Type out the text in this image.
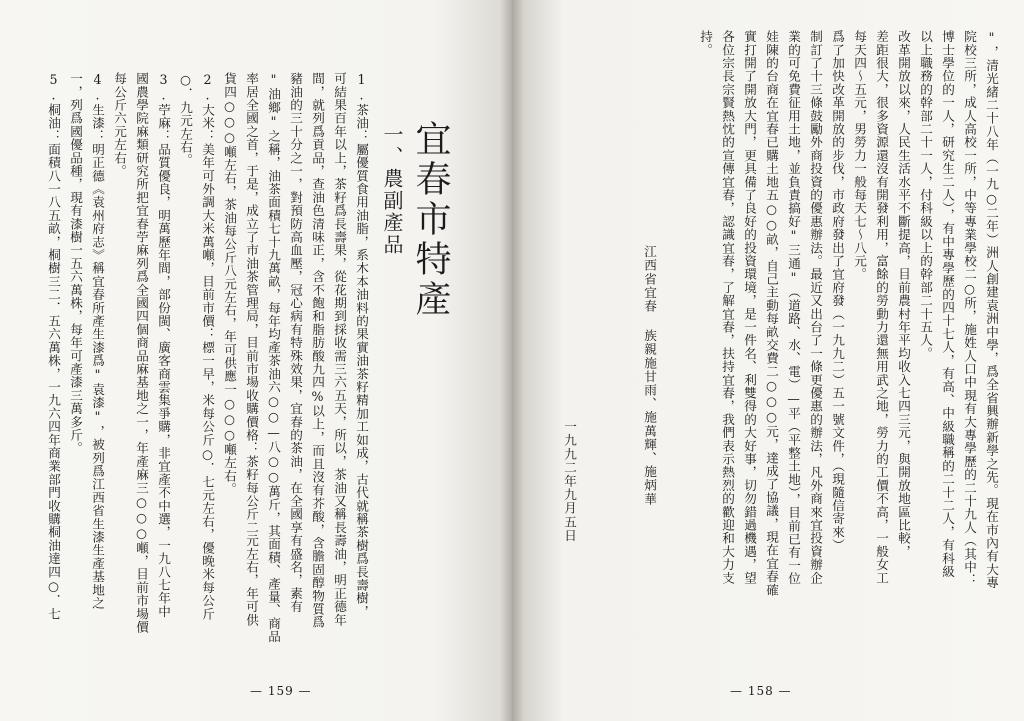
宜春市特產
一、農副產品
1.茶油：屬優質食用油脂，系木本油料的果實油茶籽精加工如成，古代就稱茶樹爲長壽樹，
可結果百年以上，茶籽爲長壽果，從花期到採收需三六五天，所以，茶油又稱長壽油，明正德年
間，就列爲貢品，查油色清味正，含不飽和脂肪酸九四%以上，而且沒有芥酸，含膽固醇物質爲
豬油的三十分之一，對預防高血壓，冠心病有特殊效果，宜春的茶油，在全國享有盛名，素有
"油鄉"之稱，油茶面積七十九萬畝，每年均產茶油六○○—八○○萬斤，其面積、產量、商品
率居全國之首，于是，成立了市油茶管理局，目前市場收購價格：茶籽每公斤二元左右，年可供
貨四○○○噸左右，茶油每公斤八元左右，年可供應一○○○噸左右。
2.大米：美年可外調大米萬噸，目前市價：標一早，米每公斤○．七元左右，優晚米每公斤
○．九元左右。
3.苧麻：品質優良，明萬歷年間，部份閩、廣客商雲集爭購，非宜產不中選，一九八七年中
國農學院麻類研究所把宜春苧麻列爲全國四個商品麻基地之一，年產麻三○○○噸，目前市場價
每公斤六元左右。
4.生漆：明正德《袁州府志》稱宜春所產生漆爲"袁漆"，被列爲江西省生漆生產基地之
一，列爲國優品種，現有漆樹一五六萬株，每年可產漆三萬多斤。
5.桐油：面積八一八五畝，桐樹三二．五六萬株，一九六四年商業部門收購桐油達四○．七
— 159 —
"，清光緒二十八年（一九○二年）洲人創建袁洲中學，爲全省興辦新學之先。現在市內有大專
院校三所，成人高校一所，中等專業學校二○所，施姓人口中現有大專學歷的二十九人（其中：
博士學位的一人，研究生二人），有中專學歷的四十七人，有高、中級職稱的二十二人，有科級
以上職務的幹部二十一人，付科級以上的幹部二十五人。
改革開放以來，人民生活水平不斷提高，目前農村年平均收入七四三元，與開放地區比較，
差距很大，很多資源還沒有開發利用，富餘的勞動力還無用武之地，勞力的工價不高，一般女工
每天四～五元，男勞力一般每天七～八元。
爲了加快改革開放的步伐，市政府發出了宜府發（一九九二）五一號文件，（現隨信寄來）
制訂了十三條鼓勵外商投資的優惠辦法。最近又出台了一條更優惠的辦法，凡外商來宜投資辦企
業的可免費征用土地，並負責搞好"三通"（道路、水、電）—平（平整土地），目前已有一位
娃陳的台商在宜春已購土地五○○畝，自己主動每畝交費二○○○元，達成了協議，現在宜春確
實打開了開放大門，更具備了良好的投資環境，是一件名、利雙得的大好事，切勿錯過機遇，望
各位宗長宗賢熱忱的宣傳宜春，認識宜春，了解宜春，扶持宜春，我們表示熱烈的歡迎和大力支
持。
江西省宜春 族親施甘雨、施萬輝、施炳華
一九九二年九月五日
— 158 —
